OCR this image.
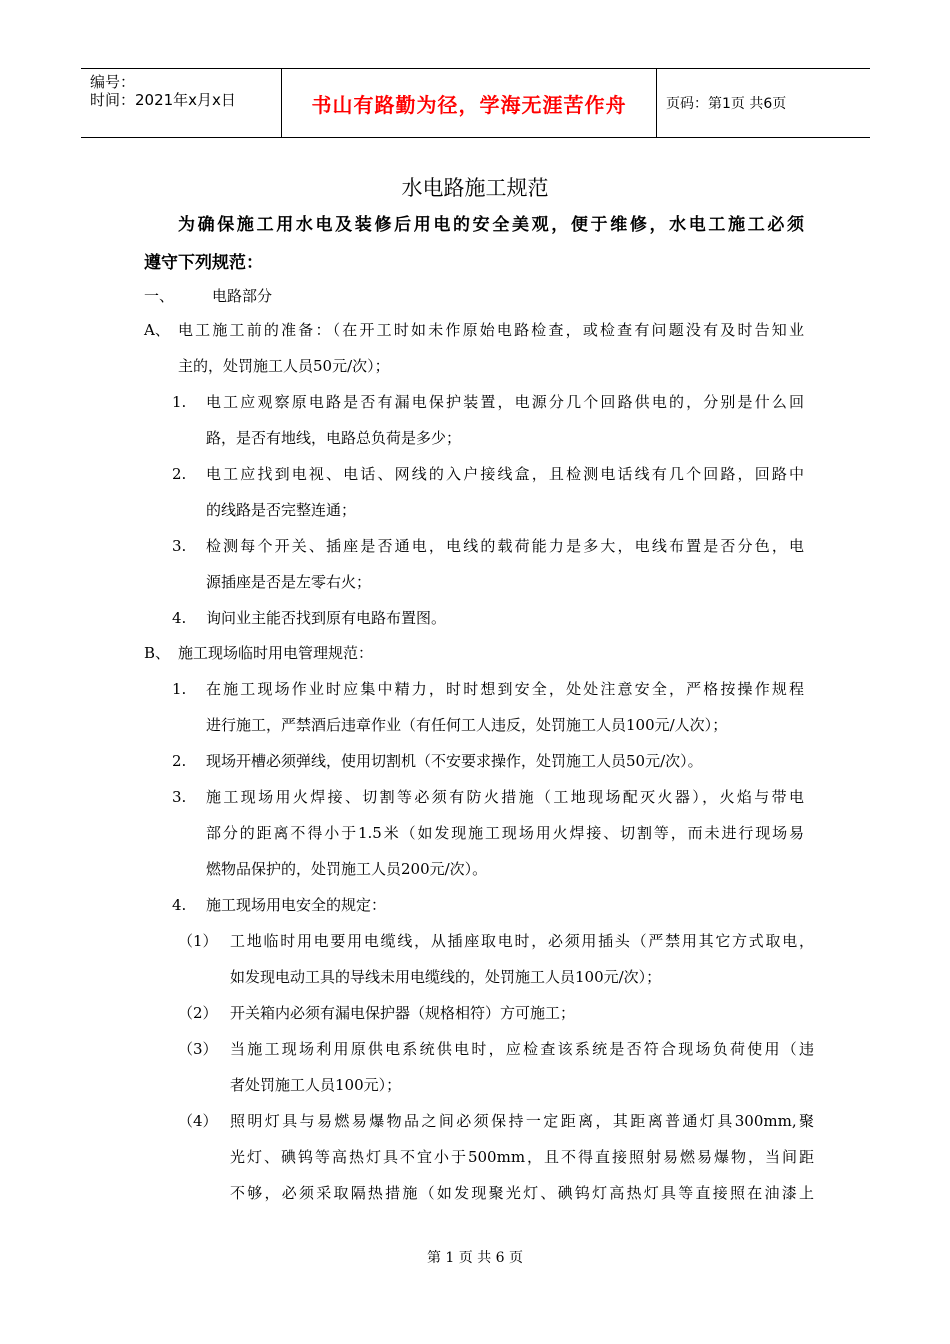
编号：
时间：2021年x月x日	书山有路勤为径，学海无涯苦作舟	页码：第1页 共6页
水电路施工规范
为确保施工用水电及装修后用电的安全美观，便于维修，水电工施工必须
遵守下列规范：
一、	电路部分
A、 电工施工前的准备：（在开工时如未作原始电路检查，或检查有问题没有及时告知业
主的，处罚施工人员50元/次）；
1. 电工应观察原电路是否有漏电保护装置，电源分几个回路供电的，分别是什么回
路，是否有地线，电路总负荷是多少；
2. 电工应找到电视、电话、网线的入户接线盒，且检测电话线有几个回路，回路中
的线路是否完整连通；
3. 检测每个开关、插座是否通电，电线的载荷能力是多大，电线布置是否分色，电
源插座是否是左零右火；
4. 询问业主能否找到原有电路布置图。
B、 施工现场临时用电管理规范：
1. 在施工现场作业时应集中精力，时时想到安全，处处注意安全，严格按操作规程
进行施工，严禁酒后违章作业（有任何工人违反，处罚施工人员100元/人次）；
2. 现场开槽必须弹线，使用切割机（不安要求操作，处罚施工人员50元/次）。
3. 施工现场用火焊接、切割等必须有防火措施（工地现场配灭火器），火焰与带电
部分的距离不得小于1.5米（如发现施工现场用火焊接、切割等，而未进行现场易
燃物品保护的，处罚施工人员200元/次）。
4. 施工现场用电安全的规定：
（1） 工地临时用电要用电缆线，从插座取电时，必须用插头（严禁用其它方式取电，
如发现电动工具的导线未用电缆线的，处罚施工人员100元/次）；
（2） 开关箱内必须有漏电保护器（规格相符）方可施工；
（3） 当施工现场利用原供电系统供电时，应检查该系统是否符合现场负荷使用（违
者处罚施工人员100元）；
（4） 照明灯具与易燃易爆物品之间必须保持一定距离，其距离普通灯具300mm,聚
光灯、碘钨等高热灯具不宜小于500mm，且不得直接照射易燃易爆物，当间距
不够，必须采取隔热措施（如发现聚光灯、碘钨灯高热灯具等直接照在油漆上
第 1 页 共 6 页
